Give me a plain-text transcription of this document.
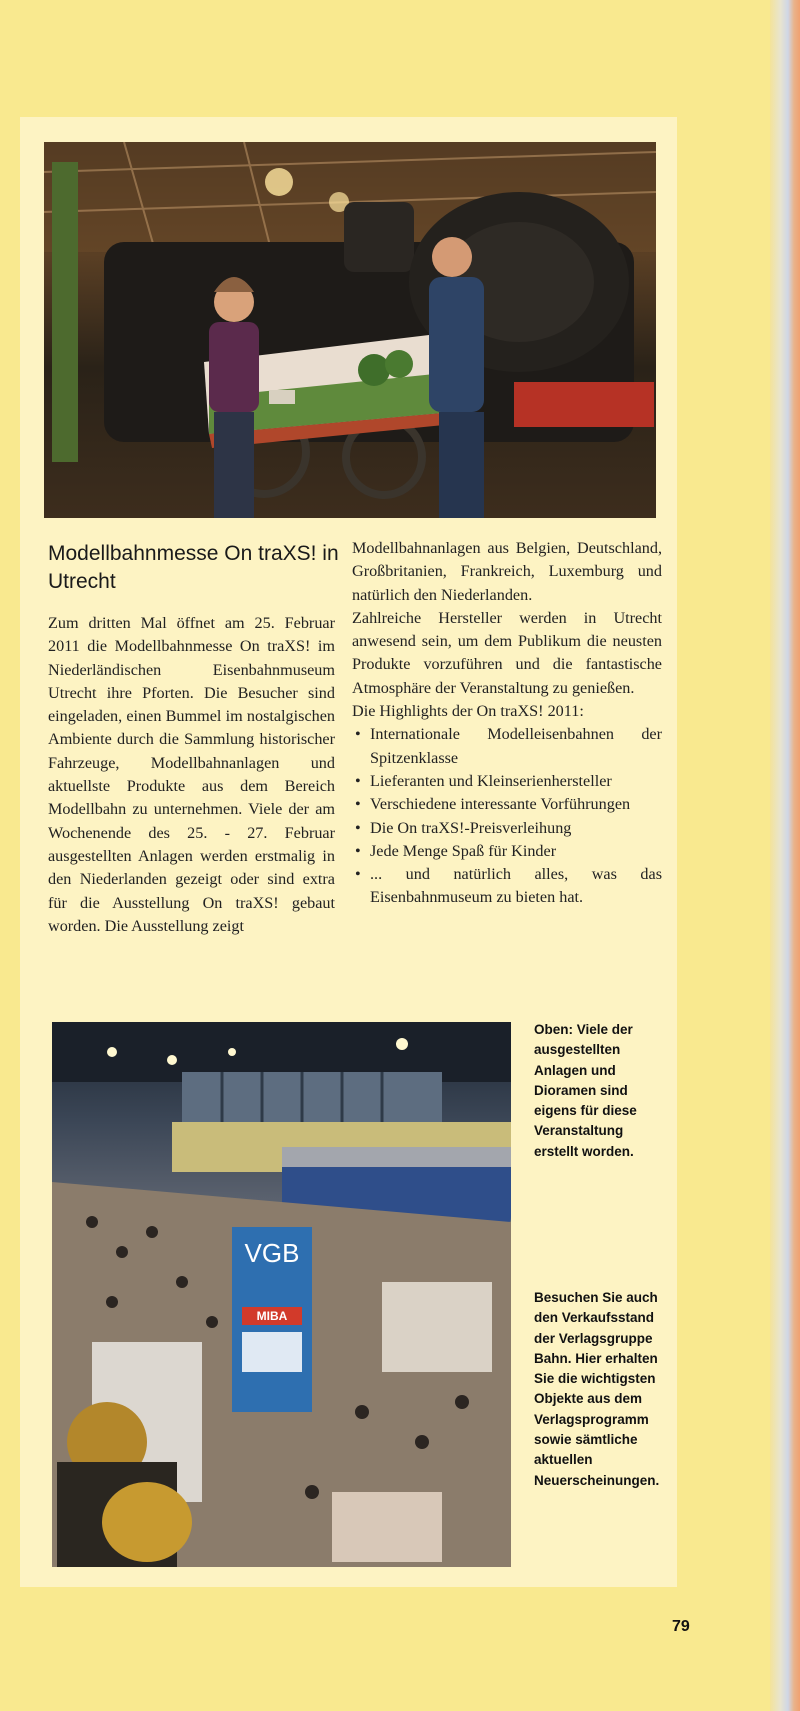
Modellbahnmesse On traXS! in Utrecht

Zum dritten Mal öffnet am 25. Februar 2011 die Modellbahnmesse On traXS! im Niederländischen Eisenbahnmuseum Utrecht ihre Pforten. Die Besucher sind eingeladen, einen Bummel im nostalgischen Ambiente durch die Sammlung historischer Fahrzeuge, Modellbahnanlagen und aktuellste Produkte aus dem Bereich Modellbahn zu unternehmen. Viele der am Wochenende des 25. - 27. Februar ausgestellten Anlagen werden erstmalig in den Niederlanden gezeigt oder sind extra für die Ausstellung On traXS! gebaut worden. Die Ausstellung zeigt

Modellbahnanlagen aus Belgien, Deutschland, Großbritanien, Frankreich, Luxemburg und natürlich den Niederlanden.

Zahlreiche Hersteller werden in Utrecht anwesend sein, um dem Publikum die neusten Produkte vorzuführen und die fantastische Atmosphäre der Veranstaltung zu genießen.

Die Highlights der On traXS! 2011:

• Internationale Modelleisenbahnen der Spitzenklasse
• Lieferanten und Kleinserienhersteller
• Verschiedene interessante Vorführungen
• Die On traXS!-Preisverleihung
• Jede Menge Spaß für Kinder
• ... und natürlich alles, was das Eisenbahnmuseum zu bieten hat.
VGB
MIBA

Oben: Viele der ausgestellten Anlagen und Dioramen sind eigens für diese Veranstaltung erstellt worden.

Besuchen Sie auch den Verkaufsstand der Verlagsgruppe Bahn. Hier erhalten Sie die wichtigsten Objekte aus dem Verlagsprogramm sowie sämtliche aktuellen Neuerscheinungen.

79
